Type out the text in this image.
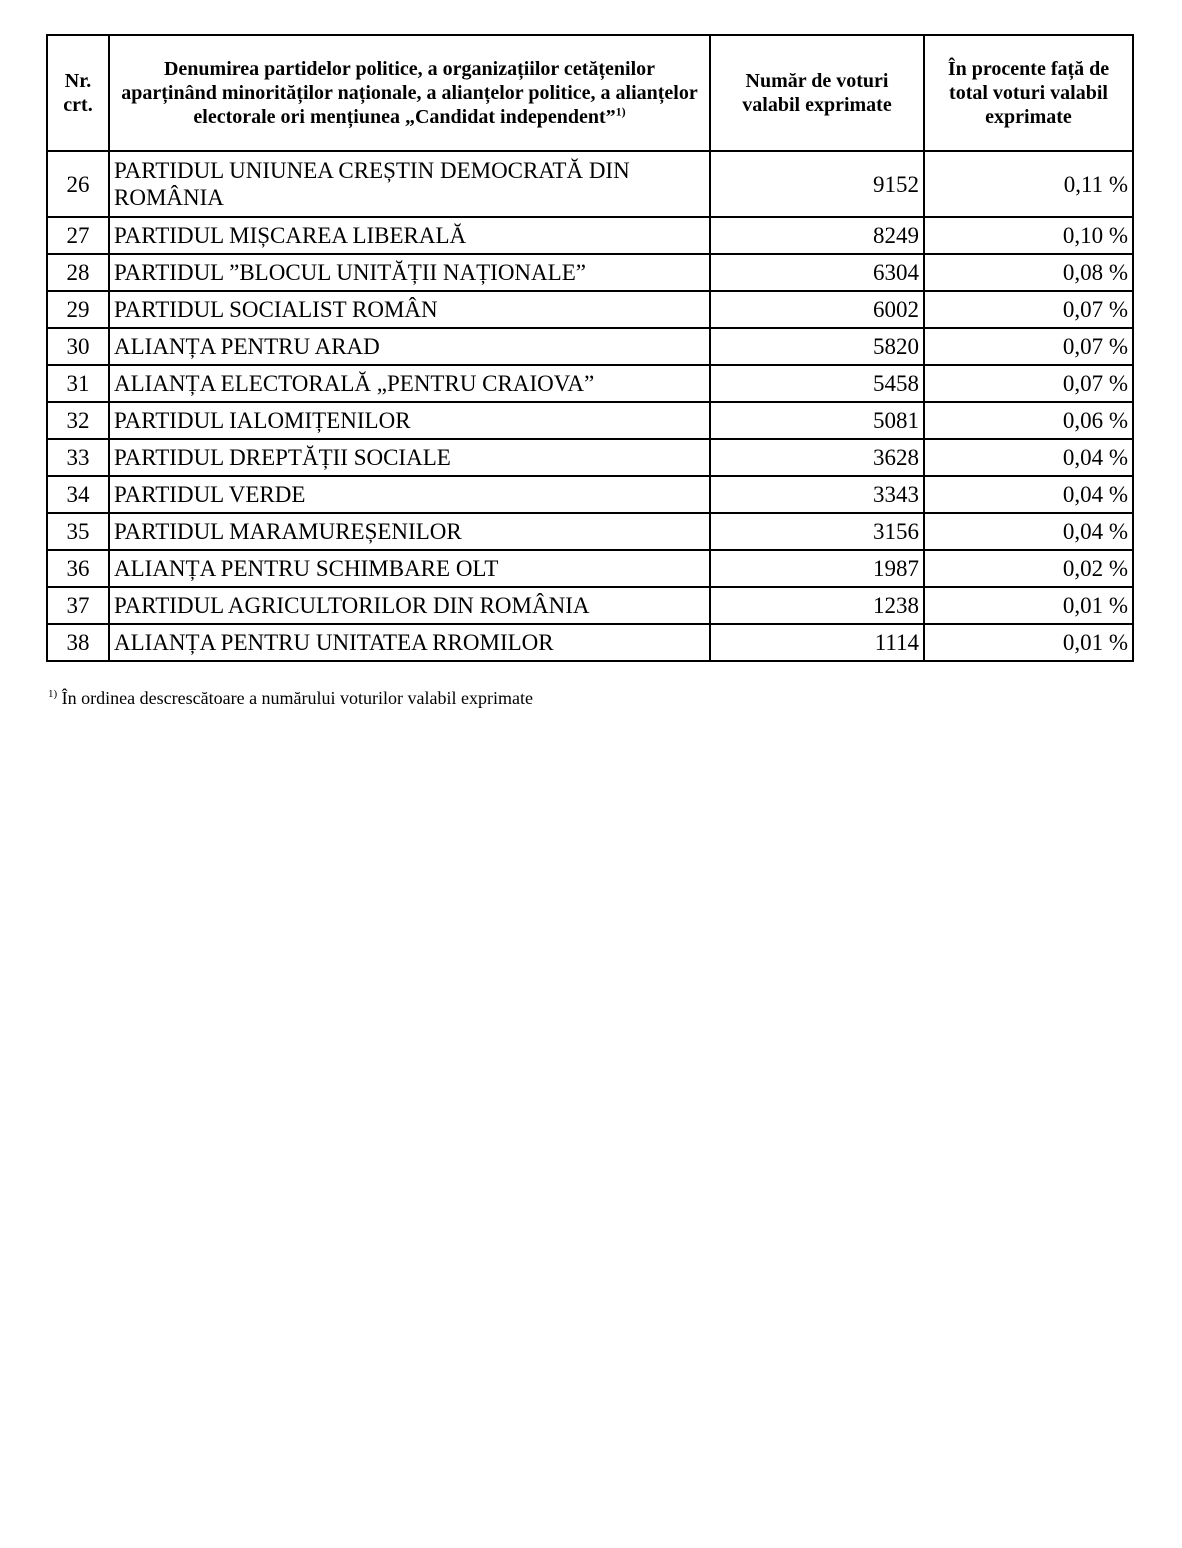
Nr. crt.	Denumirea partidelor politice, a organizațiilor cetățenilor aparținând minorităților naționale, a alianțelor politice, a alianțelor electorale ori mențiunea „Candidat independent”$^{1)}$	Număr de voturi valabil exprimate	În procente față de total voturi valabil exprimate
26	PARTIDUL UNIUNEA CREȘTIN DEMOCRATĂ DIN ROMÂNIA	9152	0,11 %
27	PARTIDUL MIȘCAREA LIBERALĂ	8249	0,10 %
28	PARTIDUL ”BLOCUL UNITĂȚII NAȚIONALE”	6304	0,08 %
29	PARTIDUL SOCIALIST ROMÂN	6002	0,07 %
30	ALIANȚA PENTRU ARAD	5820	0,07 %
31	ALIANȚA ELECTORALĂ „PENTRU CRAIOVA”	5458	0,07 %
32	PARTIDUL IALOMIȚENILOR	5081	0,06 %
33	PARTIDUL DREPTĂȚII SOCIALE	3628	0,04 %
34	PARTIDUL VERDE	3343	0,04 %
35	PARTIDUL MARAMUREȘENILOR	3156	0,04 %
36	ALIANȚA PENTRU SCHIMBARE OLT	1987	0,02 %
37	PARTIDUL AGRICULTORILOR DIN ROMÂNIA	1238	0,01 %
38	ALIANȚA PENTRU UNITATEA RROMILOR	1114	0,01 %
$^{1)}$ În ordinea descrescătoare a numărului voturilor valabil exprimate
